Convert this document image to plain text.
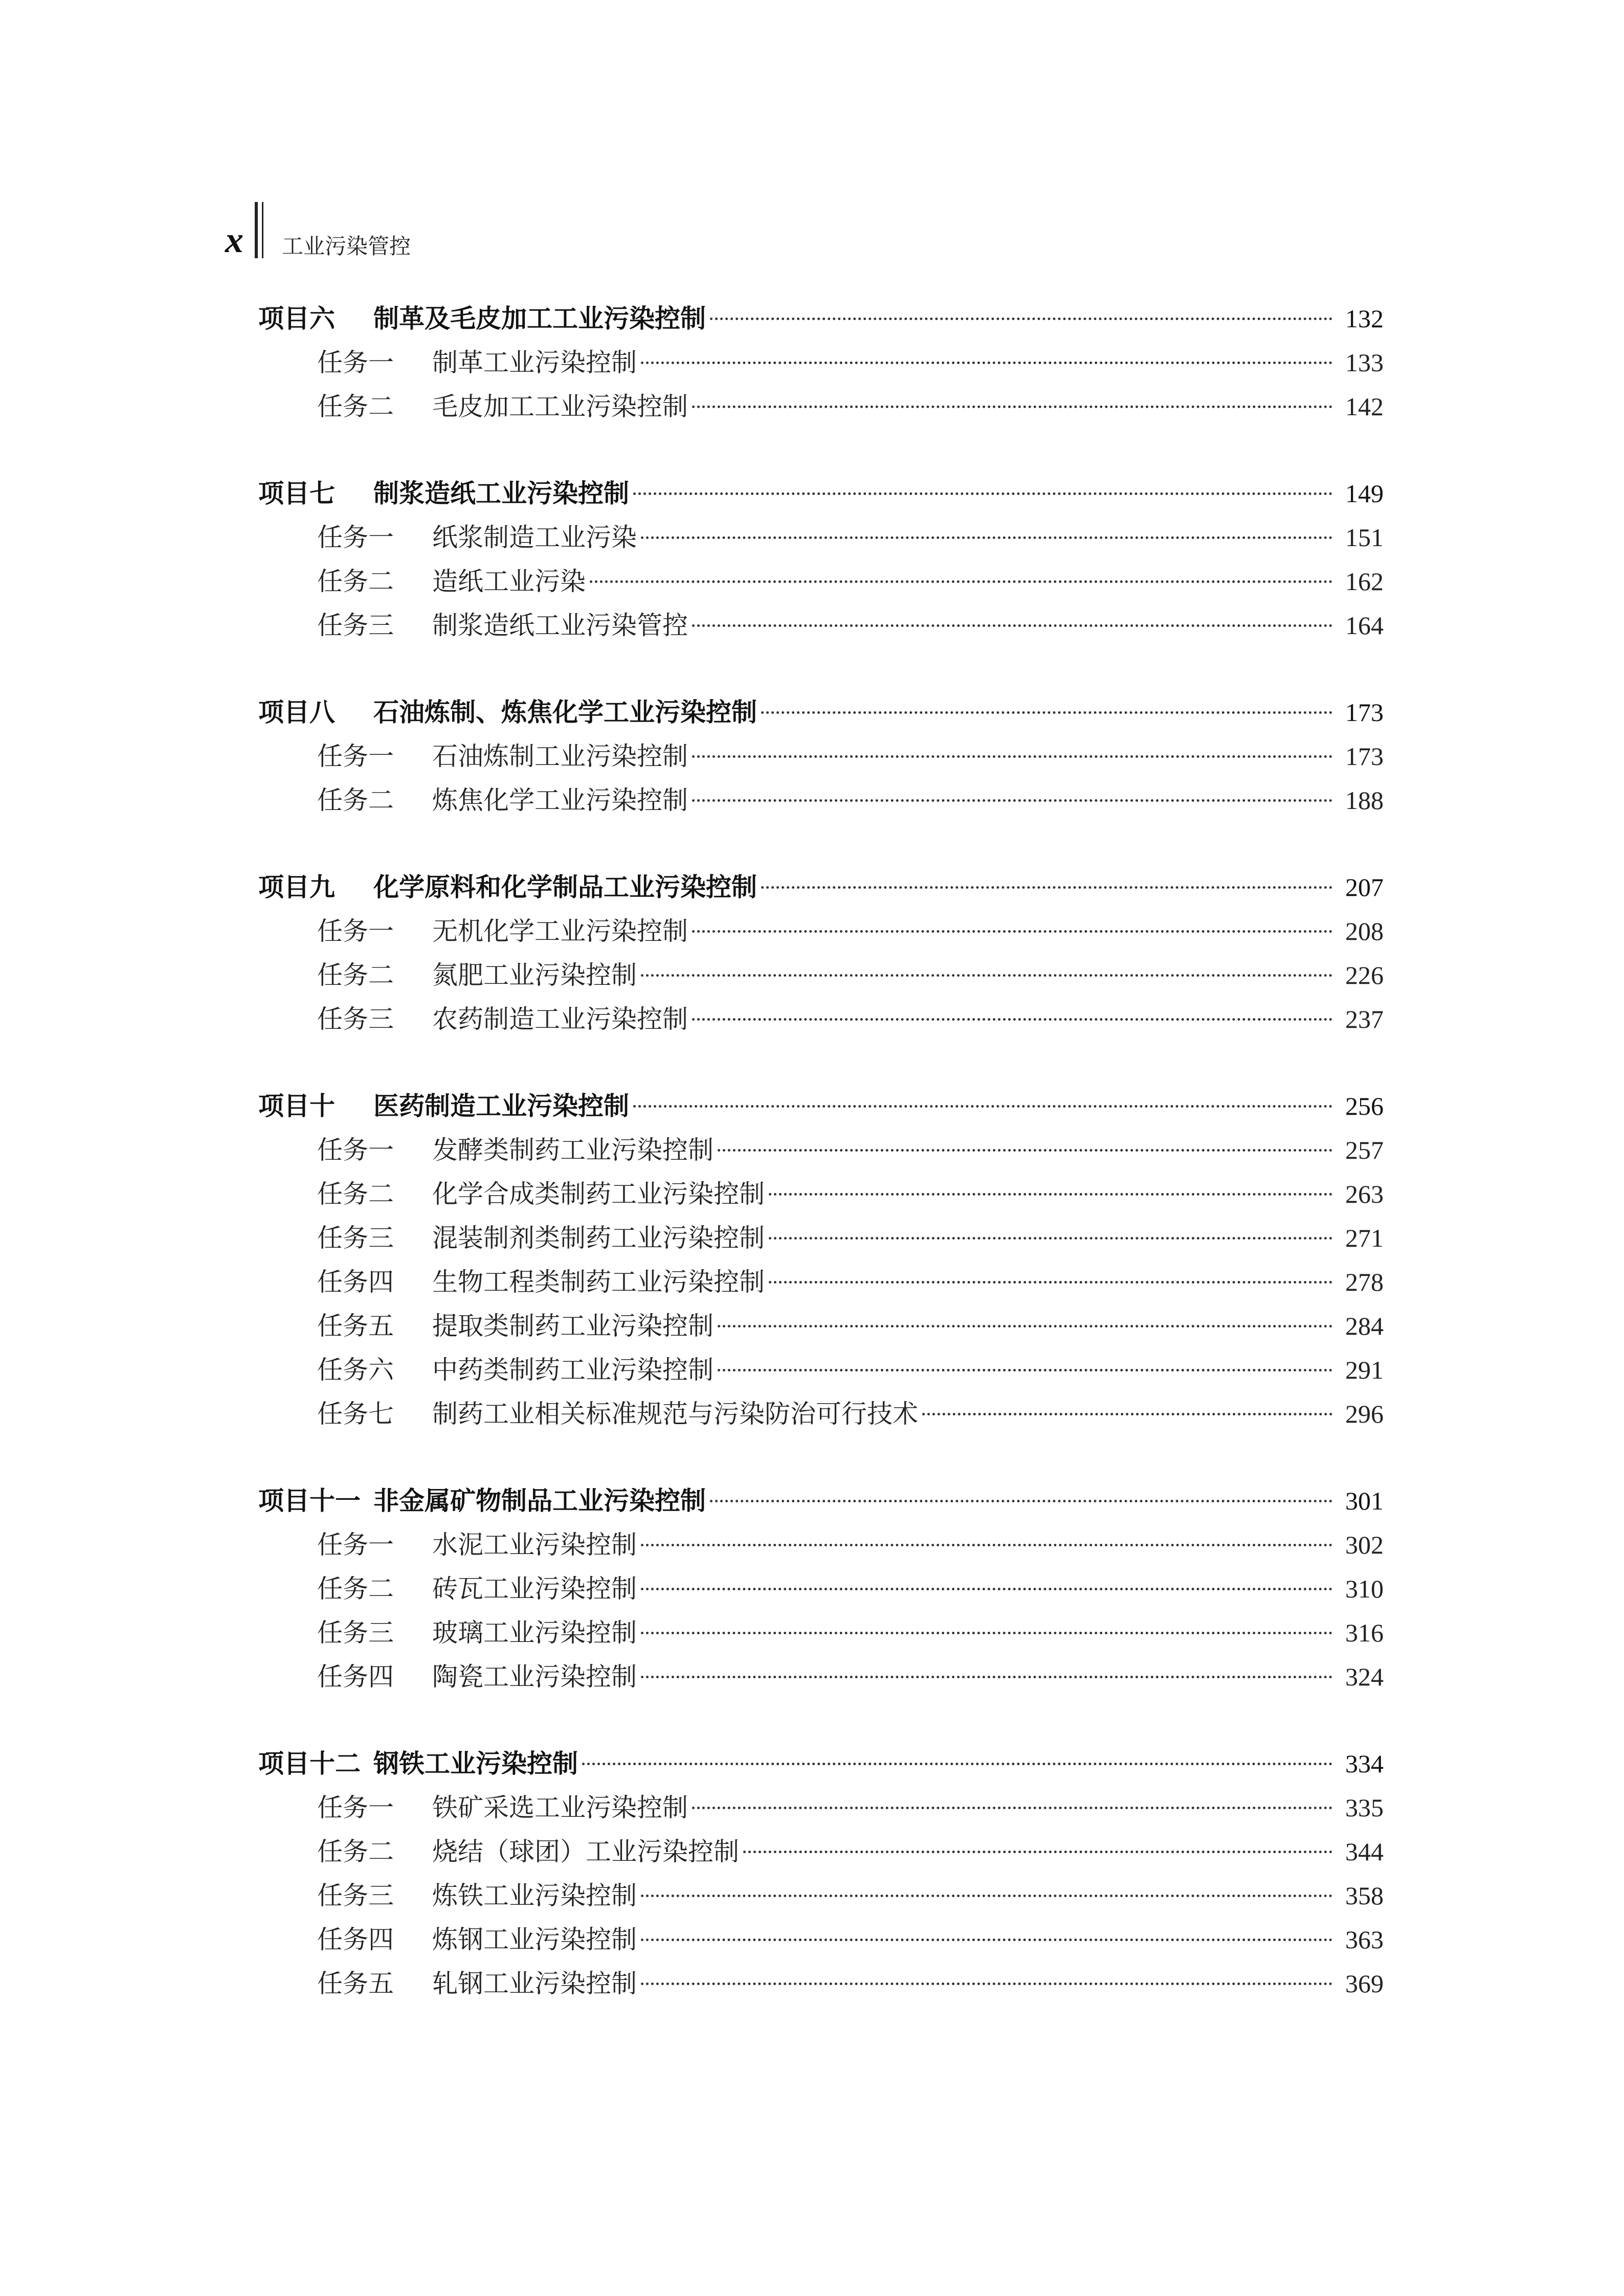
x 工业污染管控
项目六	制革及毛皮加工工业污染控制	132
任务一	制革工业污染控制	133
任务二	毛皮加工工业污染控制	142
项目七	制浆造纸工业污染控制	149
任务一	纸浆制造工业污染	151
任务二	造纸工业污染	162
任务三	制浆造纸工业污染管控	164
项目八	石油炼制、炼焦化学工业污染控制	173
任务一	石油炼制工业污染控制	173
任务二	炼焦化学工业污染控制	188
项目九	化学原料和化学制品工业污染控制	207
任务一	无机化学工业污染控制	208
任务二	氮肥工业污染控制	226
任务三	农药制造工业污染控制	237
项目十	医药制造工业污染控制	256
任务一	发酵类制药工业污染控制	257
任务二	化学合成类制药工业污染控制	263
任务三	混装制剂类制药工业污染控制	271
任务四	生物工程类制药工业污染控制	278
任务五	提取类制药工业污染控制	284
任务六	中药类制药工业污染控制	291
任务七	制药工业相关标准规范与污染防治可行技术	296
项目十一 非金属矿物制品工业污染控制	301
任务一	水泥工业污染控制	302
任务二	砖瓦工业污染控制	310
任务三	玻璃工业污染控制	316
任务四	陶瓷工业污染控制	324
项目十二 钢铁工业污染控制	334
任务一	铁矿采选工业污染控制	335
任务二	烧结（球团）工业污染控制	344
任务三	炼铁工业污染控制	358
任务四	炼钢工业污染控制	363
任务五	轧钢工业污染控制	369
